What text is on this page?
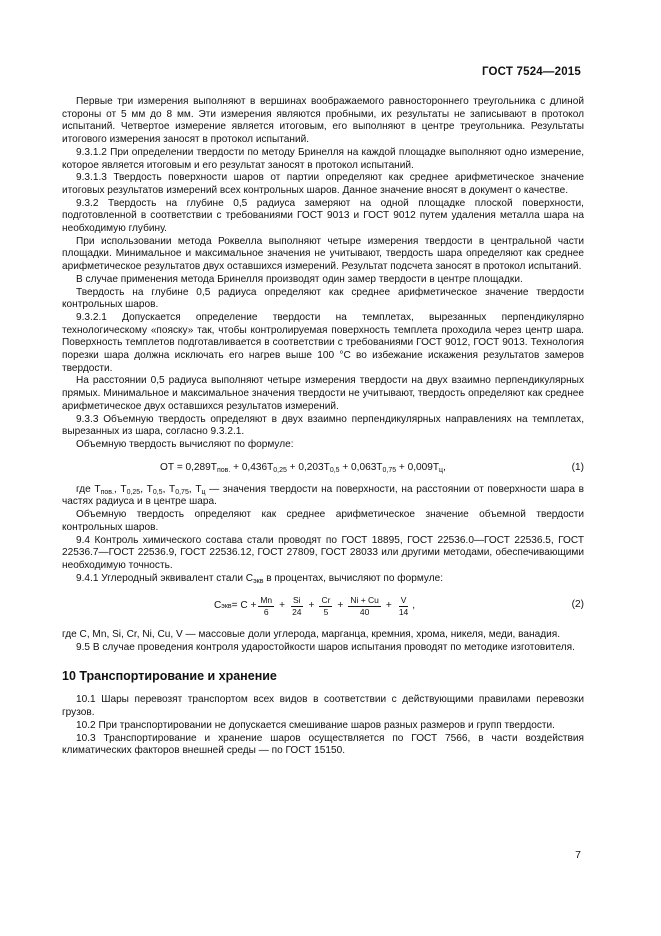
ГОСТ 7524—2015

Первые три измерения выполняют в вершинах воображаемого равностороннего треугольника с длиной стороны от 5 мм до 8 мм. Эти измерения являются пробными, их результаты не записывают в протокол испытаний. Четвертое измерение является итоговым, его выполняют в центре треугольника. Результаты итогового измерения заносят в протокол испытаний.

9.3.1.2 При определении твердости по методу Бринелля на каждой площадке выполняют одно измерение, которое является итоговым и его результат заносят в протокол испытаний.

9.3.1.3 Твердость поверхности шаров от партии определяют как среднее арифметическое значение итоговых результатов измерений всех контрольных шаров. Данное значение вносят в документ о качестве.

9.3.2 Твердость на глубине 0,5 радиуса замеряют на одной площадке плоской поверхности, подготовленной в соответствии с требованиями ГОСТ 9013 и ГОСТ 9012 путем удаления металла шара на необходимую глубину.

При использовании метода Роквелла выполняют четыре измерения твердости в центральной части площадки. Минимальное и максимальное значения не учитывают, твердость шара определяют как среднее арифметическое результатов двух оставшихся измерений. Результат подсчета заносят в протокол испытаний.

В случае применения метода Бринелля производят один замер твердости в центре площадки.

Твердость на глубине 0,5 радиуса определяют как среднее арифметическое значение твердости контрольных шаров.

9.3.2.1 Допускается определение твердости на темплетах, вырезанных перпендикулярно технологическому «пояску» так, чтобы контролируемая поверхность темплета проходила через центр шара. Поверхность темплетов подготавливается в соответствии с требованиями ГОСТ 9012, ГОСТ 9013. Технология порезки шара должна исключать его нагрев выше 100 °С во избежание искажения результатов замеров твердости.

На расстоянии 0,5 радиуса выполняют четыре измерения твердости на двух взаимно перпендикулярных прямых. Минимальное и максимальное значения твердости не учитывают, твердость определяют как среднее арифметическое двух оставшихся результатов измерений.

9.3.3 Объемную твердость определяют в двух взаимно перпендикулярных направлениях на темплетах, вырезанных из шара, согласно 9.3.2.1.

Объемную твердость вычисляют по формуле:

ОТ = $0,289Т_{пов.} + 0,436Т_{0,25} + 0,203Т_{0,5} + 0,063Т_{0,75} + 0,009Т_ц$,	(1)

где $Т_{пов.}$, $Т_{0,25}$, $Т_{0,5}$, $Т_{0,75}$, $Т_ц$ — значения твердости на поверхности, на расстоянии от поверхности шара в частях радиуса и в центре шара.

Объемную твердость определяют как среднее арифметическое значение объемной твердости контрольных шаров.

9.4 Контроль химического состава стали проводят по ГОСТ 18895, ГОСТ 22536.0—ГОСТ 22536.5, ГОСТ 22536.7—ГОСТ 22536.9, ГОСТ 22536.12, ГОСТ 27809, ГОСТ 28033 или другими методами, обеспечивающими необходимую точность.

9.4.1 Углеродный эквивалент стали $С_{экв}$ в процентах, вычисляют по формуле:

С экв = $С + \frac{Mn}{6} + \frac{Si}{24} + \frac{Cr}{5} + \frac{Ni + Cu}{40} + \frac{V}{14}$ ,	(2)

где С, Mn, Si, Cr, Ni, Cu, V — массовые доли углерода, марганца, кремния, хрома, никеля, меди, ванадия.

9.5 В случае проведения контроля ударостойкости шаров испытания проводят по методике изготовителя.

10 Транспортирование и хранение

10.1 Шары перевозят транспортом всех видов в соответствии с действующими правилами перевозки грузов.

10.2 При транспортировании не допускается смешивание шаров разных размеров и групп твердости.

10.3 Транспортирование и хранение шаров осуществляется по ГОСТ 7566, в части воздействия климатических факторов внешней среды — по ГОСТ 15150.

7
